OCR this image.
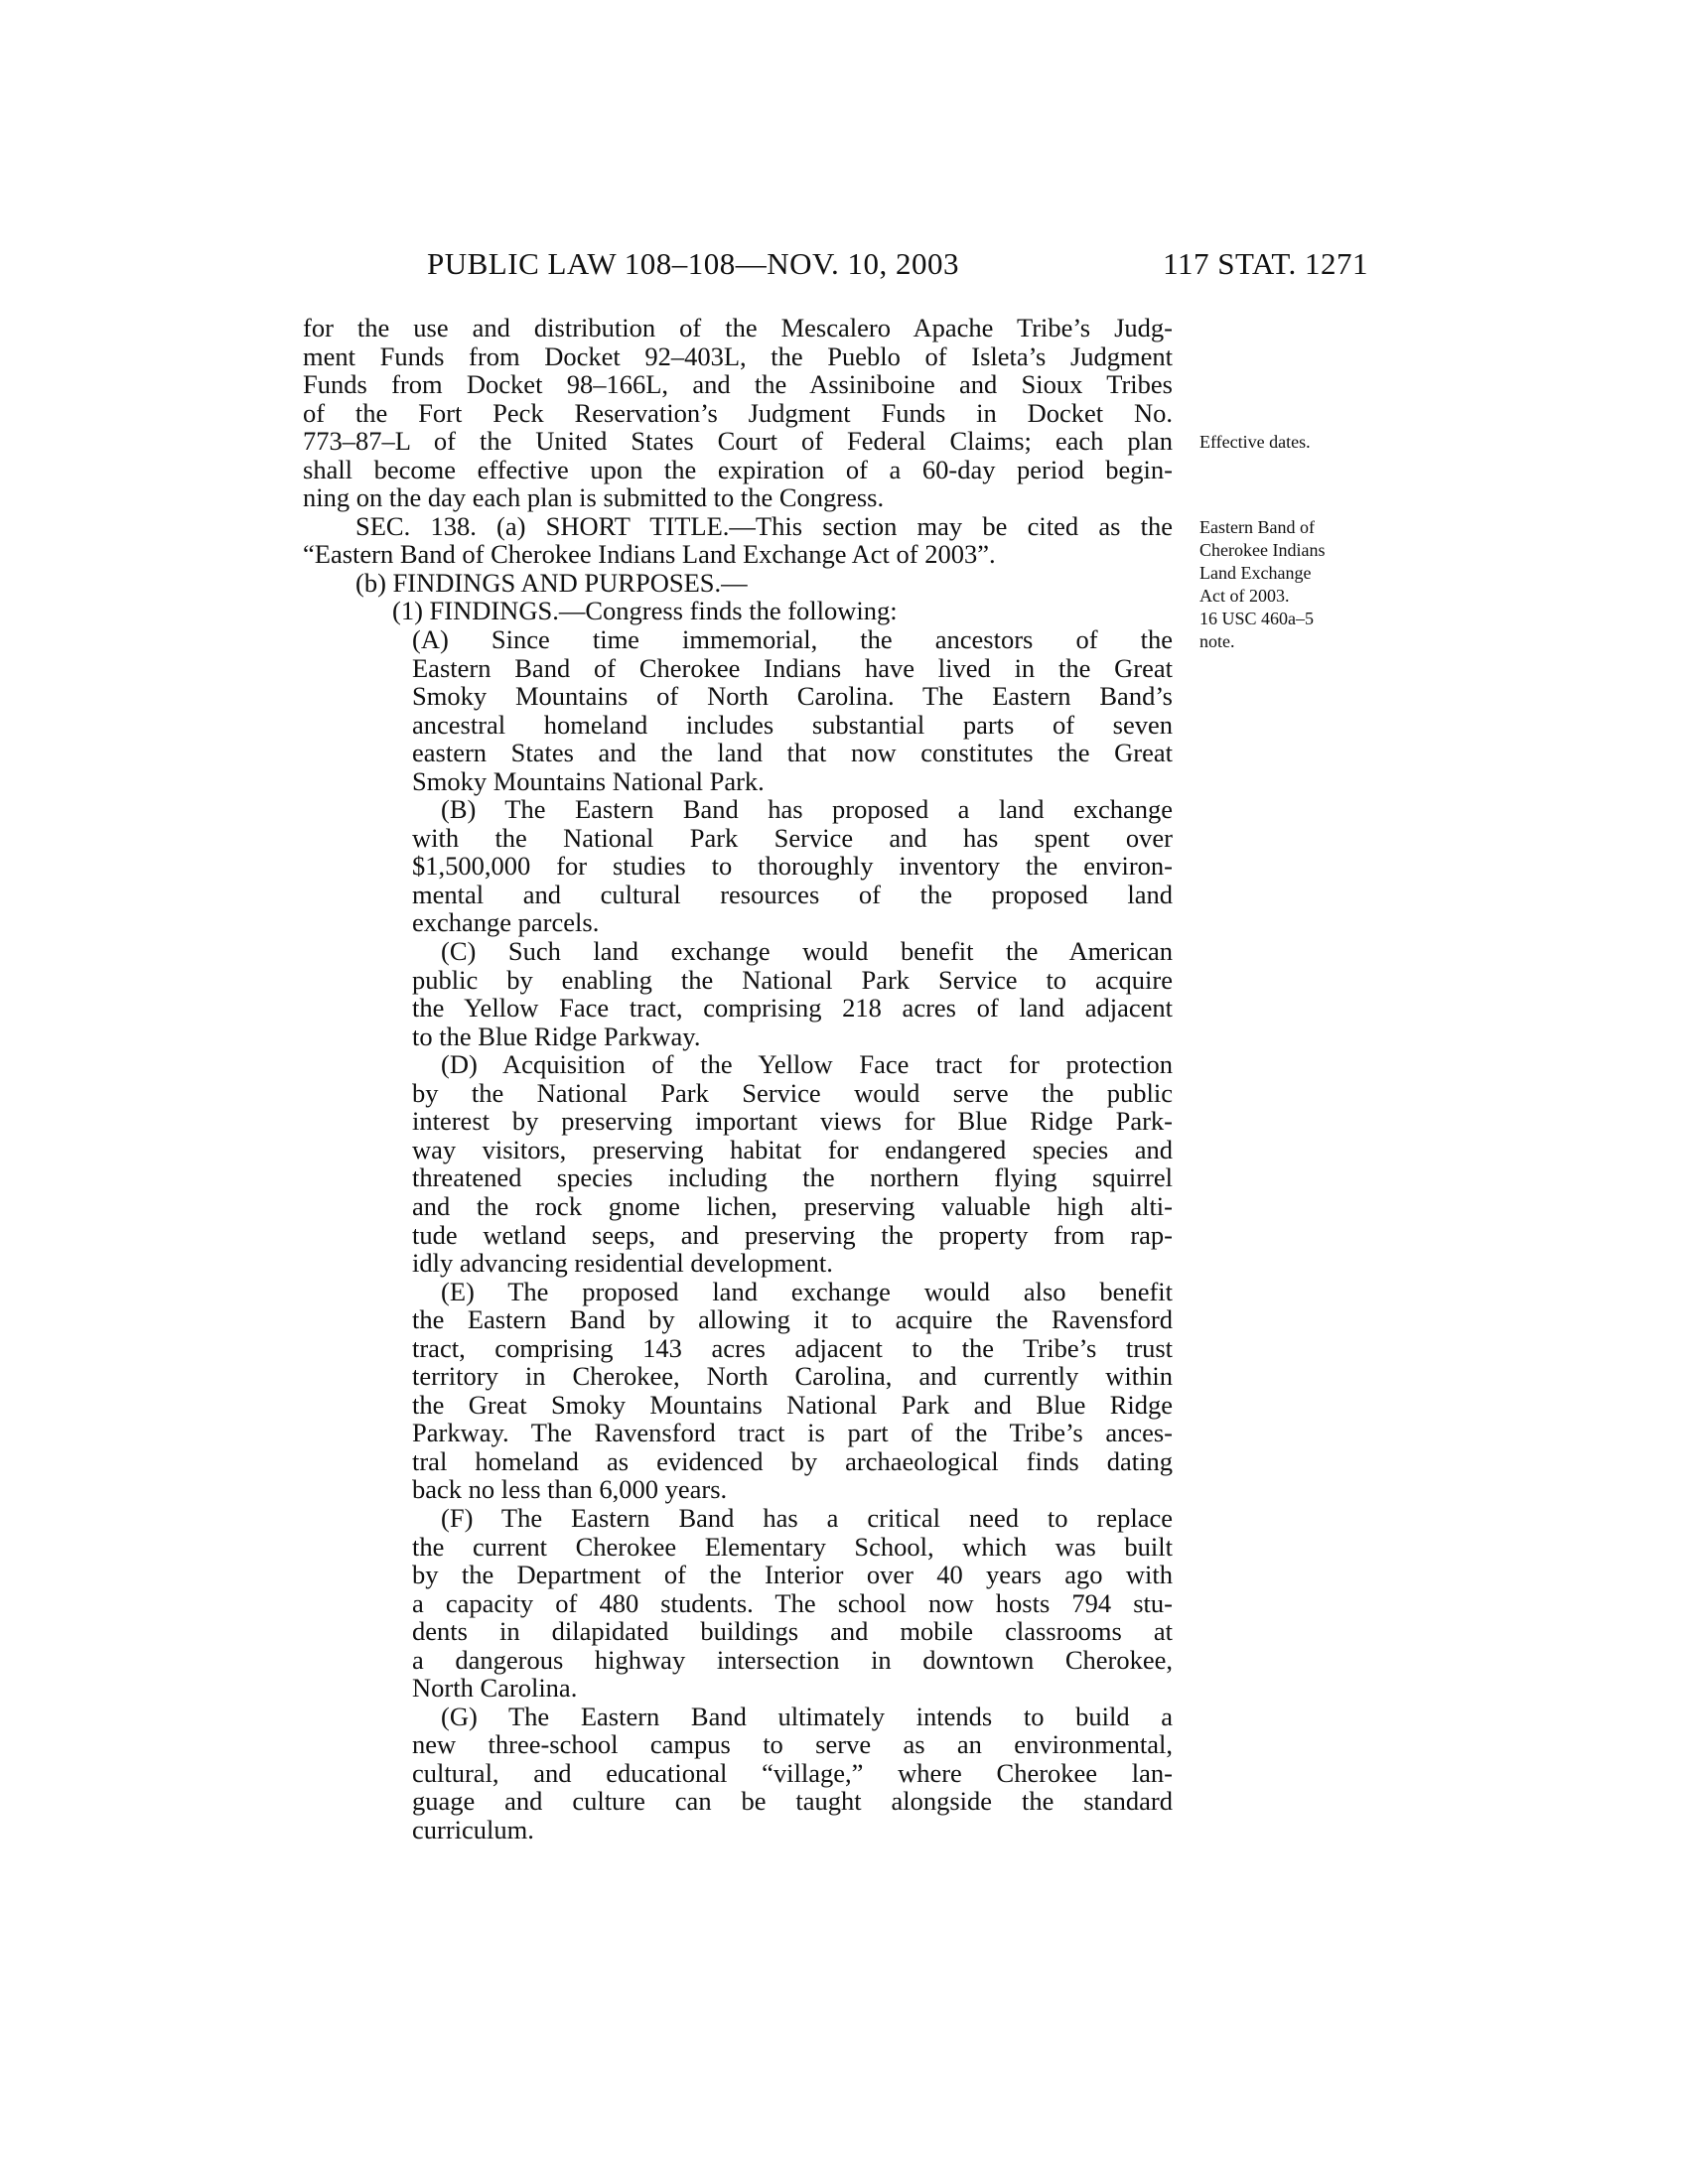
PUBLIC LAW 108–108—NOV. 10, 2003	117 STAT. 1271
for the use and distribution of the Mescalero Apache Tribe’s Judg-
ment Funds from Docket 92–403L, the Pueblo of Isleta’s Judgment
Funds from Docket 98–166L, and the Assiniboine and Sioux Tribes
of the Fort Peck Reservation’s Judgment Funds in Docket No.
773–87–L of the United States Court of Federal Claims; each plan
shall become effective upon the expiration of a 60-day period begin-
ning on the day each plan is submitted to the Congress.
SEC. 138. (a) SHORT TITLE.—This section may be cited as the
“Eastern Band of Cherokee Indians Land Exchange Act of 2003”.
(b) FINDINGS AND PURPOSES.—
(1) FINDINGS.—Congress finds the following:
(A) Since time immemorial, the ancestors of the
Eastern Band of Cherokee Indians have lived in the Great
Smoky Mountains of North Carolina. The Eastern Band’s
ancestral homeland includes substantial parts of seven
eastern States and the land that now constitutes the Great
Smoky Mountains National Park.
(B) The Eastern Band has proposed a land exchange
with the National Park Service and has spent over
$1,500,000 for studies to thoroughly inventory the environ-
mental and cultural resources of the proposed land
exchange parcels.
(C) Such land exchange would benefit the American
public by enabling the National Park Service to acquire
the Yellow Face tract, comprising 218 acres of land adjacent
to the Blue Ridge Parkway.
(D) Acquisition of the Yellow Face tract for protection
by the National Park Service would serve the public
interest by preserving important views for Blue Ridge Park-
way visitors, preserving habitat for endangered species and
threatened species including the northern flying squirrel
and the rock gnome lichen, preserving valuable high alti-
tude wetland seeps, and preserving the property from rap-
idly advancing residential development.
(E) The proposed land exchange would also benefit
the Eastern Band by allowing it to acquire the Ravensford
tract, comprising 143 acres adjacent to the Tribe’s trust
territory in Cherokee, North Carolina, and currently within
the Great Smoky Mountains National Park and Blue Ridge
Parkway. The Ravensford tract is part of the Tribe’s ances-
tral homeland as evidenced by archaeological finds dating
back no less than 6,000 years.
(F) The Eastern Band has a critical need to replace
the current Cherokee Elementary School, which was built
by the Department of the Interior over 40 years ago with
a capacity of 480 students. The school now hosts 794 stu-
dents in dilapidated buildings and mobile classrooms at
a dangerous highway intersection in downtown Cherokee,
North Carolina.
(G) The Eastern Band ultimately intends to build a
new three-school campus to serve as an environmental,
cultural, and educational “village,” where Cherokee lan-
guage and culture can be taught alongside the standard
curriculum.
Effective dates.
Eastern Band of
Cherokee Indians
Land Exchange
Act of 2003.
16 USC 460a–5
note.
